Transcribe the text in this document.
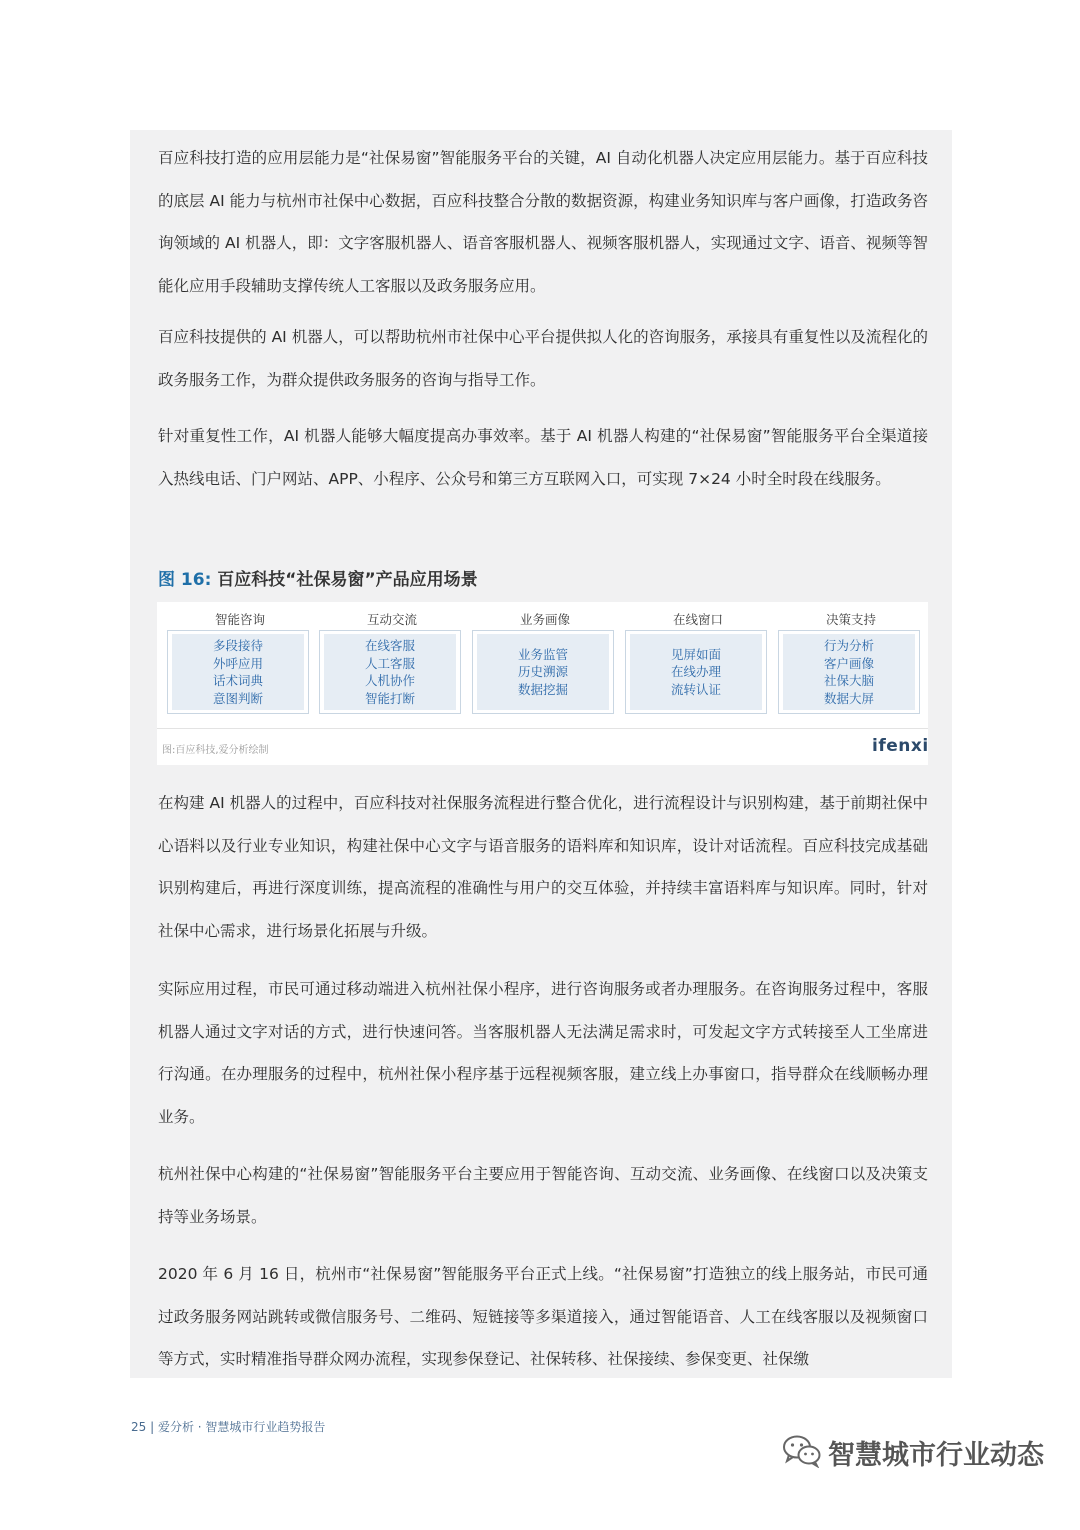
百应科技打造的应用层能力是“社保易窗”智能服务平台的关键，AI 自动化机器人决定应用层能力。基于百应科技的底层 AI 能力与杭州市社保中心数据，百应科技整合分散的数据资源，构建业务知识库与客户画像，打造政务咨询领域的 AI 机器人，即：文字客服机器人、语音客服机器人、视频客服机器人，实现通过文字、语音、视频等智能化应用手段辅助支撑传统人工客服以及政务服务应用。

百应科技提供的 AI 机器人，可以帮助杭州市社保中心平台提供拟人化的咨询服务，承接具有重复性以及流程化的政务服务工作，为群众提供政务服务的咨询与指导工作。

针对重复性工作，AI 机器人能够大幅度提高办事效率。基于 AI 机器人构建的“社保易窗”智能服务平台全渠道接入热线电话、门户网站、APP、小程序、公众号和第三方互联网入口，可实现 7×24 小时全时段在线服务。

图 16: 百应科技“社保易窗”产品应用场景
智能咨询
多段接待
外呼应用
话术词典
意图判断
互动交流
在线客服
人工客服
人机协作
智能打断
业务画像
业务监管
历史溯源
数据挖掘
在线窗口
见屏如面
在线办理
流转认证
决策支持
行为分析
客户画像
社保大脑
数据大屏
图:百应科技,爱分析绘制	ifenxi

在构建 AI 机器人的过程中，百应科技对社保服务流程进行整合优化，进行流程设计与识别构建，基于前期社保中心语料以及行业专业知识，构建社保中心文字与语音服务的语料库和知识库，设计对话流程。百应科技完成基础识别构建后，再进行深度训练，提高流程的准确性与用户的交互体验，并持续丰富语料库与知识库。同时，针对社保中心需求，进行场景化拓展与升级。

实际应用过程，市民可通过移动端进入杭州社保小程序，进行咨询服务或者办理服务。在咨询服务过程中，客服机器人通过文字对话的方式，进行快速问答。当客服机器人无法满足需求时，可发起文字方式转接至人工坐席进行沟通。在办理服务的过程中，杭州社保小程序基于远程视频客服，建立线上办事窗口，指导群众在线顺畅办理业务。

杭州社保中心构建的“社保易窗”智能服务平台主要应用于智能咨询、互动交流、业务画像、在线窗口以及决策支持等业务场景。

2020 年 6 月 16 日，杭州市“社保易窗”智能服务平台正式上线。“社保易窗”打造独立的线上服务站，市民可通过政务服务网站跳转或微信服务号、二维码、短链接等多渠道接入，通过智能语音、人工在线客服以及视频窗口等方式，实时精准指导群众网办流程，实现参保登记、社保转移、社保接续、参保变更、社保缴

25 | 爱分析 · 智慧城市行业趋势报告
智慧城市行业动态
